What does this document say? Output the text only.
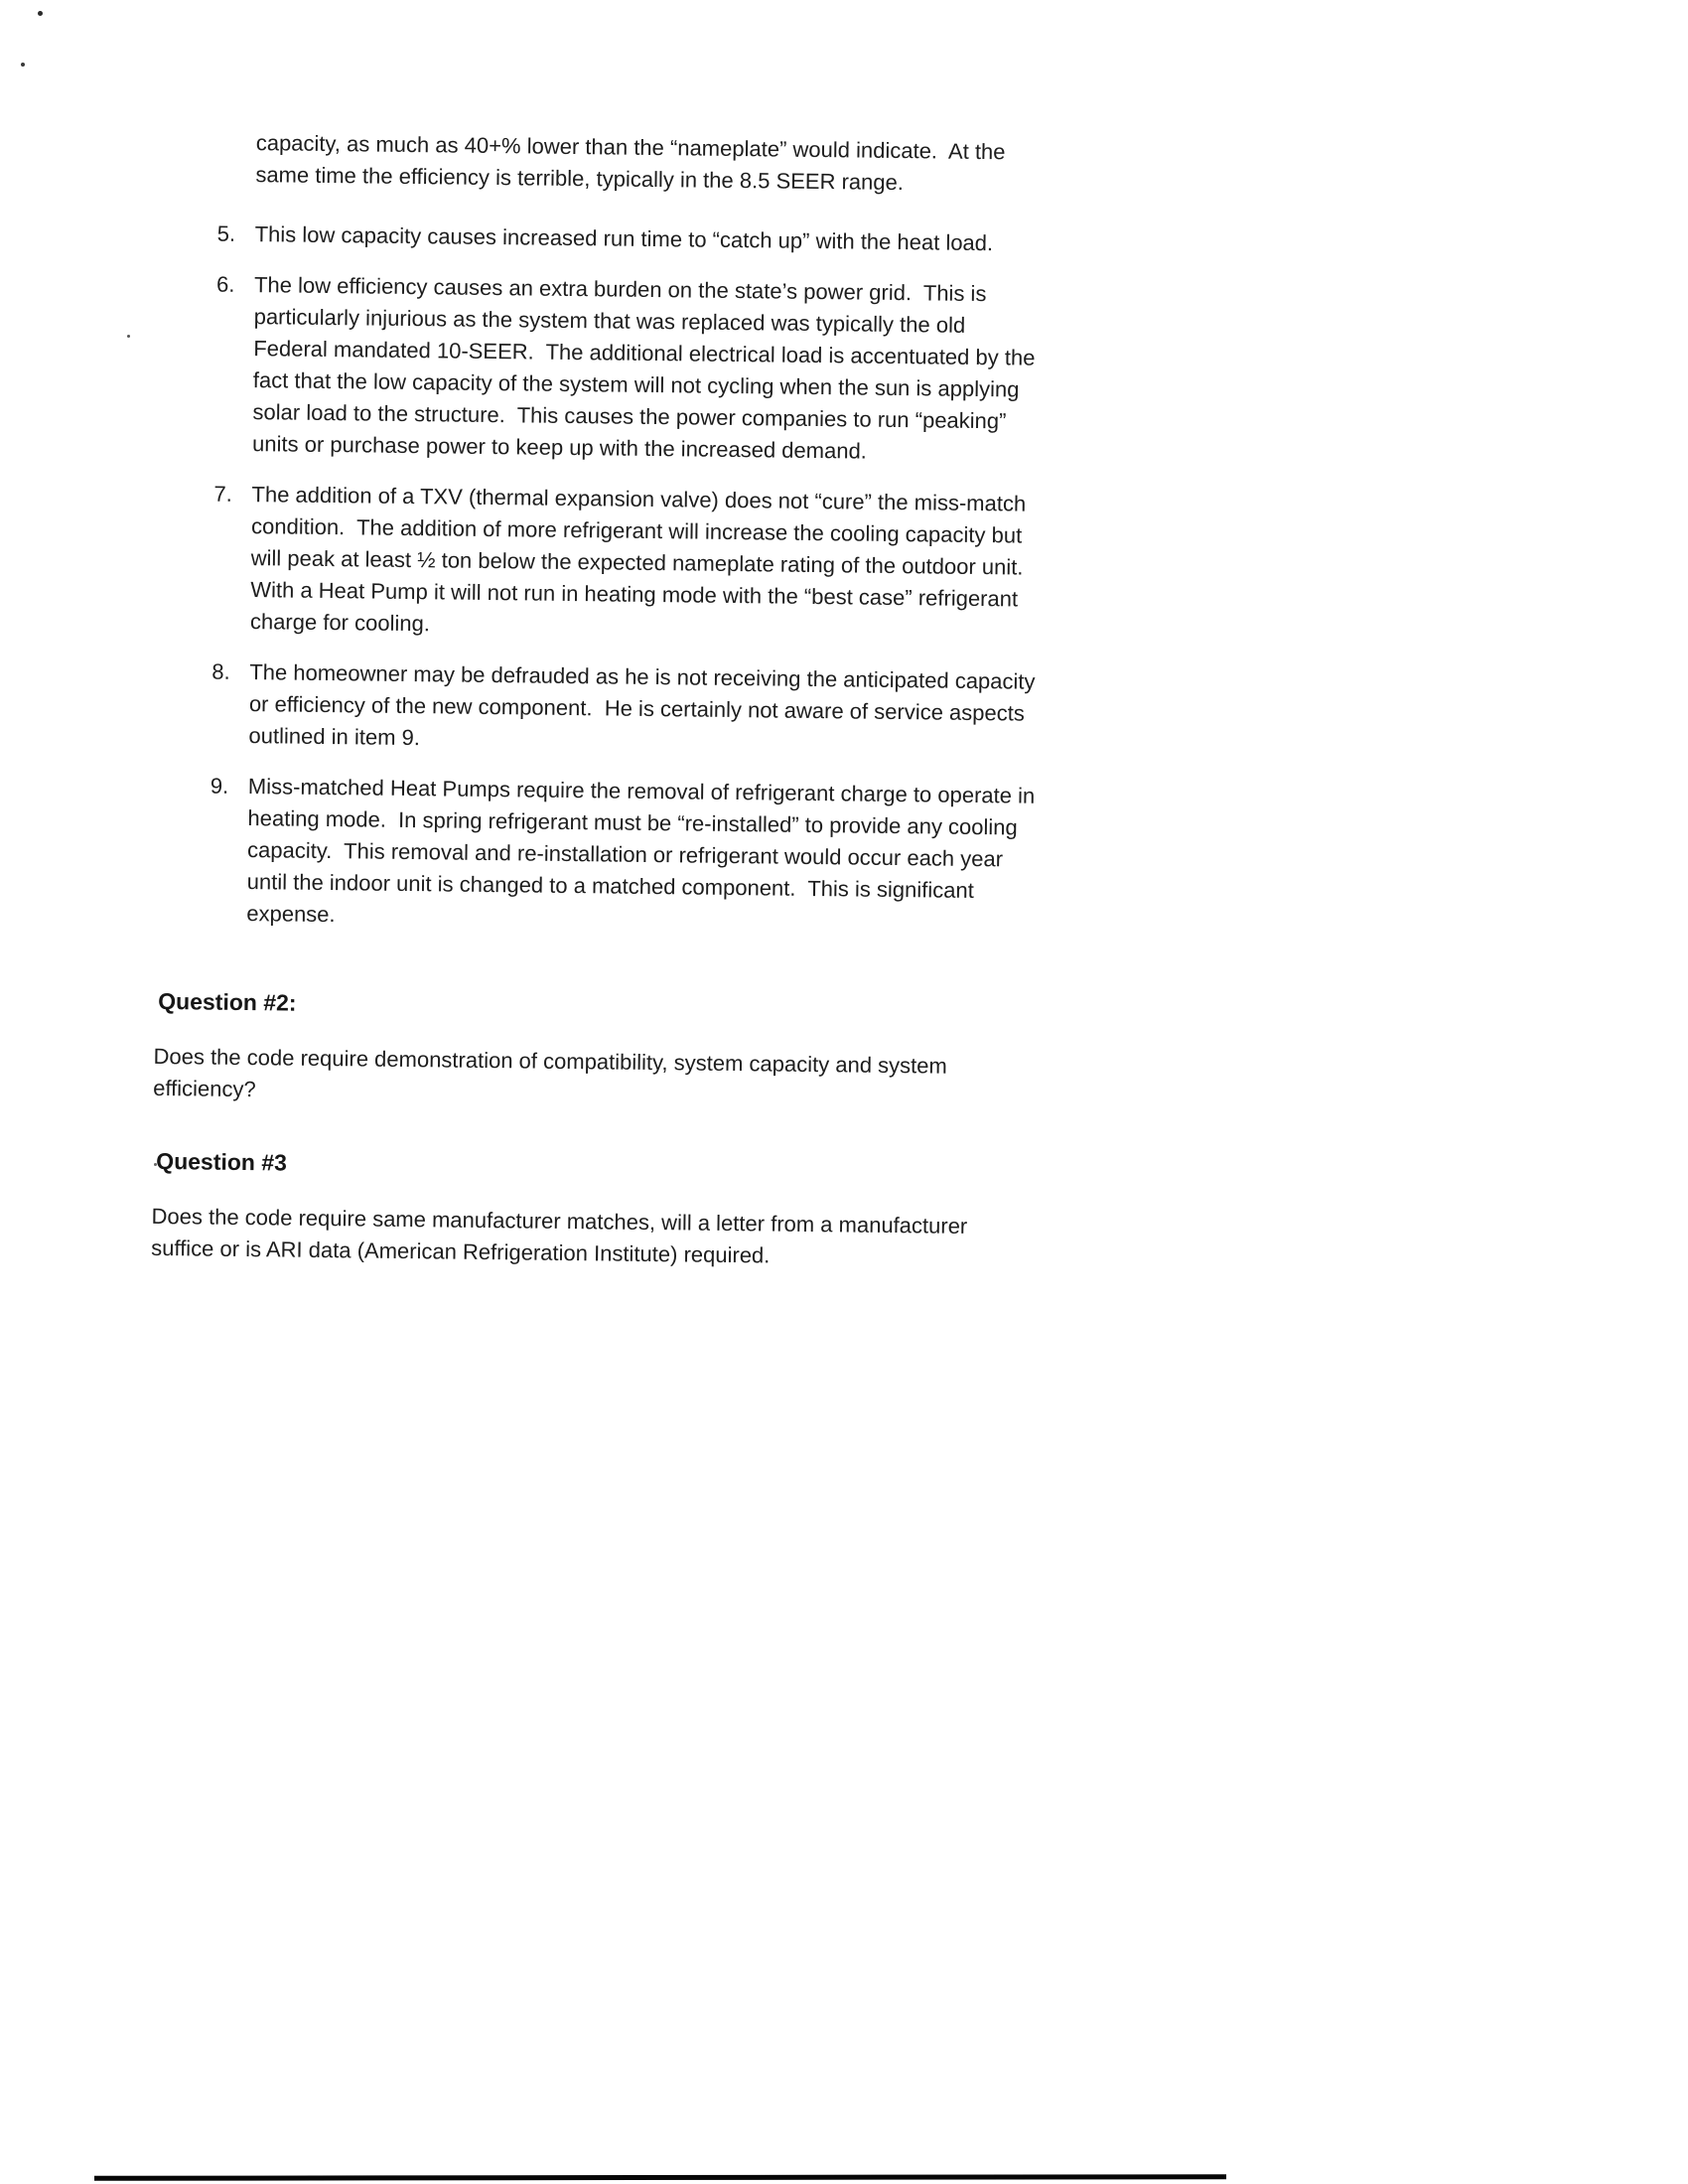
capacity, as much as 40+% lower than the “nameplate” would indicate.  At the same time the efficiency is terrible, typically in the 8.5 SEER range.

5. This low capacity causes increased run time to “catch up” with the heat load.
6. The low efficiency causes an extra burden on the state’s power grid.  This is particularly injurious as the system that was replaced was typically the old Federal mandated 10-SEER.  The additional electrical load is accentuated by the fact that the low capacity of the system will not cycling when the sun is applying solar load to the structure.  This causes the power companies to run “peaking” units or purchase power to keep up with the increased demand.
7. The addition of a TXV (thermal expansion valve) does not “cure” the miss-match condition.  The addition of more refrigerant will increase the cooling capacity but will peak at least ½ ton below the expected nameplate rating of the outdoor unit.  With a Heat Pump it will not run in heating mode with the “best case” refrigerant charge for cooling.
8. The homeowner may be defrauded as he is not receiving the anticipated capacity or efficiency of the new component.  He is certainly not aware of service aspects outlined in item 9.
9. Miss-matched Heat Pumps require the removal of refrigerant charge to operate in heating mode.  In spring refrigerant must be “re-installed” to provide any cooling capacity.  This removal and re-installation or refrigerant would occur each year until the indoor unit is changed to a matched component.  This is significant expense.
Question #2:

Does the code require demonstration of compatibility, system capacity and system efficiency?

Question #3

Does the code require same manufacturer matches, will a letter from a manufacturer suffice or is ARI data (American Refrigeration Institute) required.
